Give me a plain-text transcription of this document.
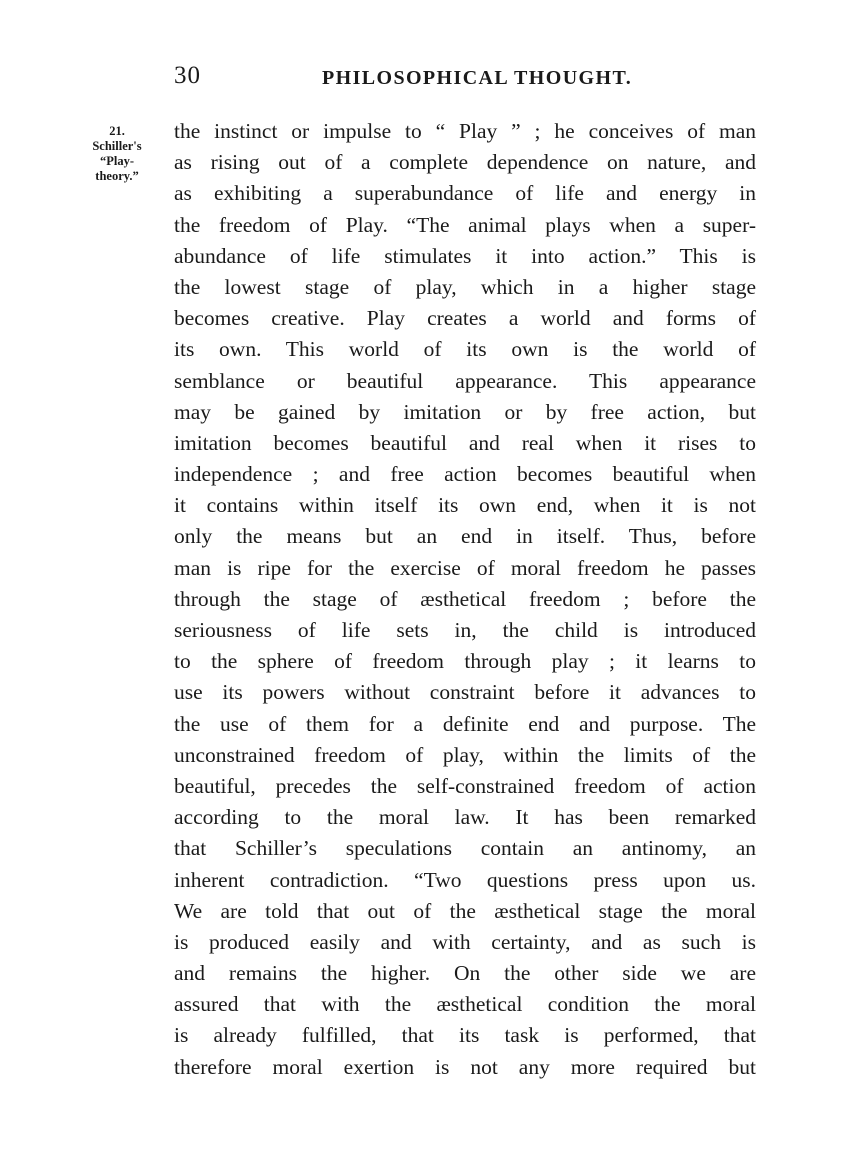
30	PHILOSOPHICAL THOUGHT.
21.
Schiller's
“Play-
theory.”
the instinct or impulse to “ Play ” ; he conceives of man
as rising out of a complete dependence on nature, and
as exhibiting a superabundance of life and energy in
the freedom of Play. “The animal plays when a super-
abundance of life stimulates it into action.” This is
the lowest stage of play, which in a higher stage
becomes creative. Play creates a world and forms of
its own. This world of its own is the world of
semblance or beautiful appearance. This appearance
may be gained by imitation or by free action, but
imitation becomes beautiful and real when it rises to
independence ; and free action becomes beautiful when
it contains within itself its own end, when it is not
only the means but an end in itself. Thus, before
man is ripe for the exercise of moral freedom he passes
through the stage of æsthetical freedom ; before the
seriousness of life sets in, the child is introduced
to the sphere of freedom through play ; it learns to
use its powers without constraint before it advances to
the use of them for a definite end and purpose. The
unconstrained freedom of play, within the limits of the
beautiful, precedes the self-constrained freedom of action
according to the moral law. It has been remarked
that Schiller’s speculations contain an antinomy, an
inherent contradiction. “Two questions press upon us.
We are told that out of the æsthetical stage the moral
is produced easily and with certainty, and as such is
and remains the higher. On the other side we are
assured that with the æsthetical condition the moral
is already fulfilled, that its task is performed, that
therefore moral exertion is not any more required but
